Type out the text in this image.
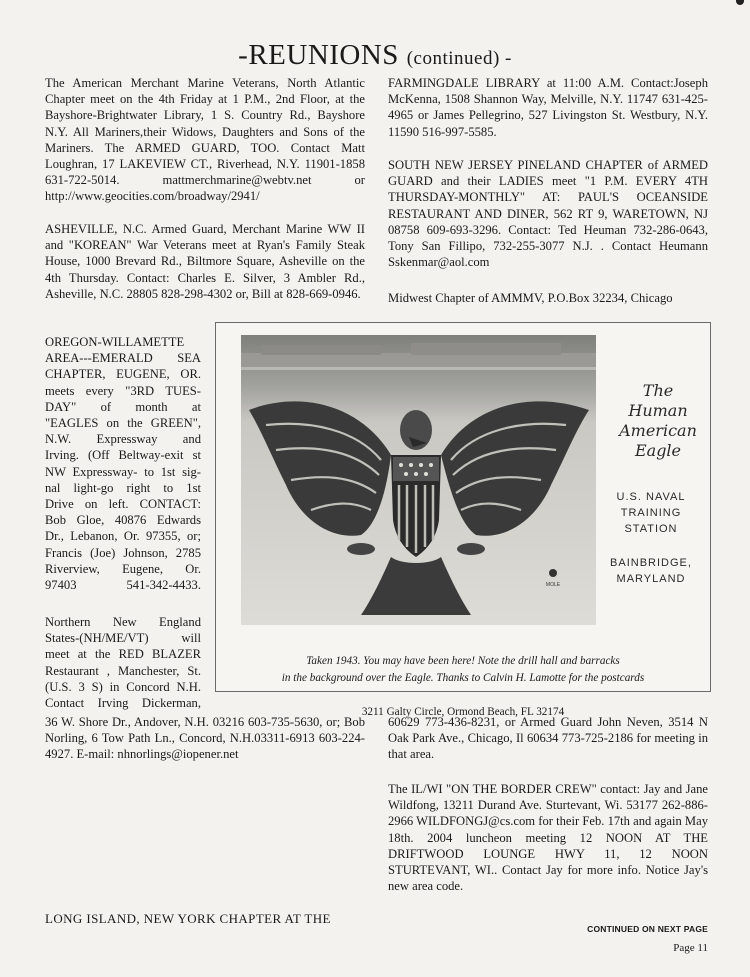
-REUNIONS (continued) -

The American Merchant Marine Veterans, North Atlantic Chapter meet on the 4th Friday at 1 P.M., 2nd Floor, at the Bayshore-Brightwater Library, 1 S. Country Rd., Bayshore N.Y. All Mariners,their Widows, Daughters and Sons of the Mariners. The ARMED GUARD, TOO. Contact Matt Loughran, 17 LAKEVIEW CT., Riverhead, N.Y. 11901-1858 631-722-5014. mattmerchmarine@webtv.net or http://www.geocities.com/broadway/2941/

ASHEVILLE, N.C. Armed Guard, Merchant Marine WW II and "KOREAN" War Veterans meet at Ryan's Family Steak House, 1000 Brevard Rd., Biltmore Square, Asheville on the 4th Thursday. Contact: Charles E. Silver, 3 Ambler Rd., Asheville, N.C. 28805 828-298-4302 or, Bill at 828-669-0946.

OREGON-WILLAMETTE
AREA---EMERALD SEA
CHAPTER, EUGENE, OR.
meets every "3RD TUES-
DAY" of month at
"EAGLES on the GREEN",
N.W. Expressway and
Irving. (Off Beltway-exit st
NW Expressway- to 1st sig-
nal light-go right to 1st
Drive on left. CONTACT:
Bob Gloe, 40876 Edwards
Dr., Lebanon, Or. 97355, or;
Francis (Joe) Johnson, 2785
Riverview, Eugene, Or.
97403 541-342-4433.

Northern New England
States-(NH/ME/VT) will
meet at the RED BLAZER
Restaurant , Manchester, St.
(U.S. 3 S) in Concord N.H.
Contact Irving Dickerman,

36 W. Shore Dr., Andover, N.H. 03216 603-735-5630, or; Bob Norling, 6 Tow Path Ln., Concord, N.H.03311-6913 603-224-4927. E-mail: nhnorlings@iopener.net

LONG ISLAND, NEW YORK CHAPTER AT THE

FARMINGDALE LIBRARY at 11:00 A.M. Contact:Joseph McKenna, 1508 Shannon Way, Melville, N.Y. 11747 631-425-4965 or James Pellegrino, 527 Livingston St. Westbury, N.Y. 11590 516-997-5585.

SOUTH NEW JERSEY PINELAND CHAPTER of ARMED GUARD and their LADIES meet "1 P.M. EVERY 4TH THURSDAY-MONTHLY" AT: PAUL'S OCEANSIDE RESTAURANT AND DINER, 562 RT 9, WARETOWN, NJ 08758 609-693-3296. Contact: Ted Heuman 732-286-0643, Tony San Fillipo, 732-255-3077 N.J. . Contact Heumann Sskenmar@aol.com

Midwest Chapter of AMMMV, P.O.Box 32234, Chicago

60629 773-436-8231, or Armed Guard John Neven, 3514 N Oak Park Ave., Chicago, Il 60634 773-725-2186 for meeting in that area.

The IL/WI "ON THE BORDER CREW" contact: Jay and Jane Wildfong, 13211 Durand Ave. Sturtevant, Wi. 53177 262-886-2966 WILDFONGJ@cs.com for their Feb. 17th and again May 18th. 2004 luncheon meeting 12 NOON AT THE DRIFTWOOD LOUNGE HWY 11, 12 NOON STURTEVANT, WI.. Contact Jay for more info. Notice Jay's new area code.

MOLE
The
Human
American
Eagle
U.S. NAVAL
TRAINING
STATION
BAINBRIDGE,
MARYLAND

Taken 1943. You may have been here! Note the drill hall and barracks
in the background over the Eagle. Thanks to Calvin H. Lamotte for the postcards

3211 Galty Circle, Ormond Beach, FL 32174

CONTINUED ON NEXT PAGE
Page 11
